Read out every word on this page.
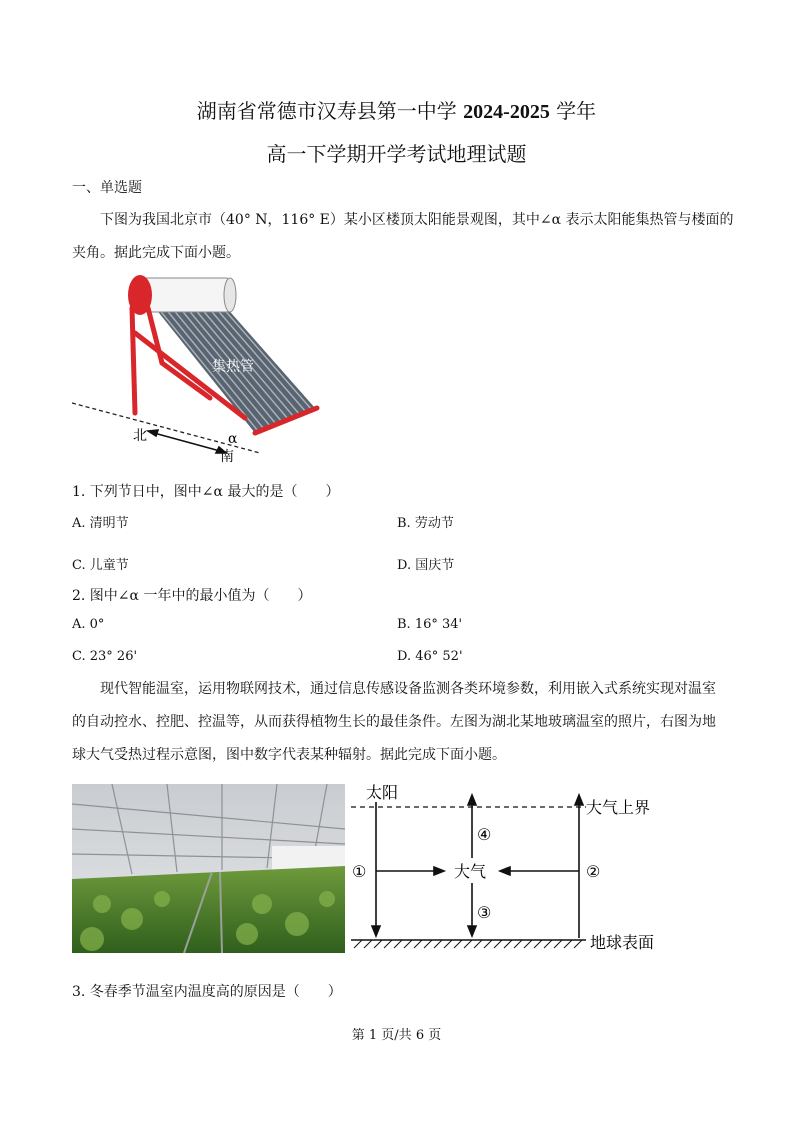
湖南省常德市汉寿县第一中学 2024-2025 学年
高一下学期开学考试地理试题
一、单选题
下图为我国北京市（40° N，116° E）某小区楼顶太阳能景观图，其中∠α 表示太阳能集热管与楼面的
夹角。据此完成下面小题。
集热管
北
南
α
1. 下列节日中，图中∠α 最大的是（　　）
A. 清明节	B. 劳动节
C. 儿童节	D. 国庆节
2. 图中∠α 一年中的最小值为（　　）
A. 0°	B. 16° 34'
C. 23° 26'	D. 46° 52'
现代智能温室，运用物联网技术，通过信息传感设备监测各类环境参数，利用嵌入式系统实现对温室
的自动控水、控肥、控温等，从而获得植物生长的最佳条件。左图为湖北某地玻璃温室的照片，右图为地
球大气受热过程示意图，图中数字代表某种辐射。据此完成下面小题。
太阳
大气上界
大气
地球表面
①	②
③
④
3. 冬春季节温室内温度高的原因是（　　）
第 1 页/共 6 页
